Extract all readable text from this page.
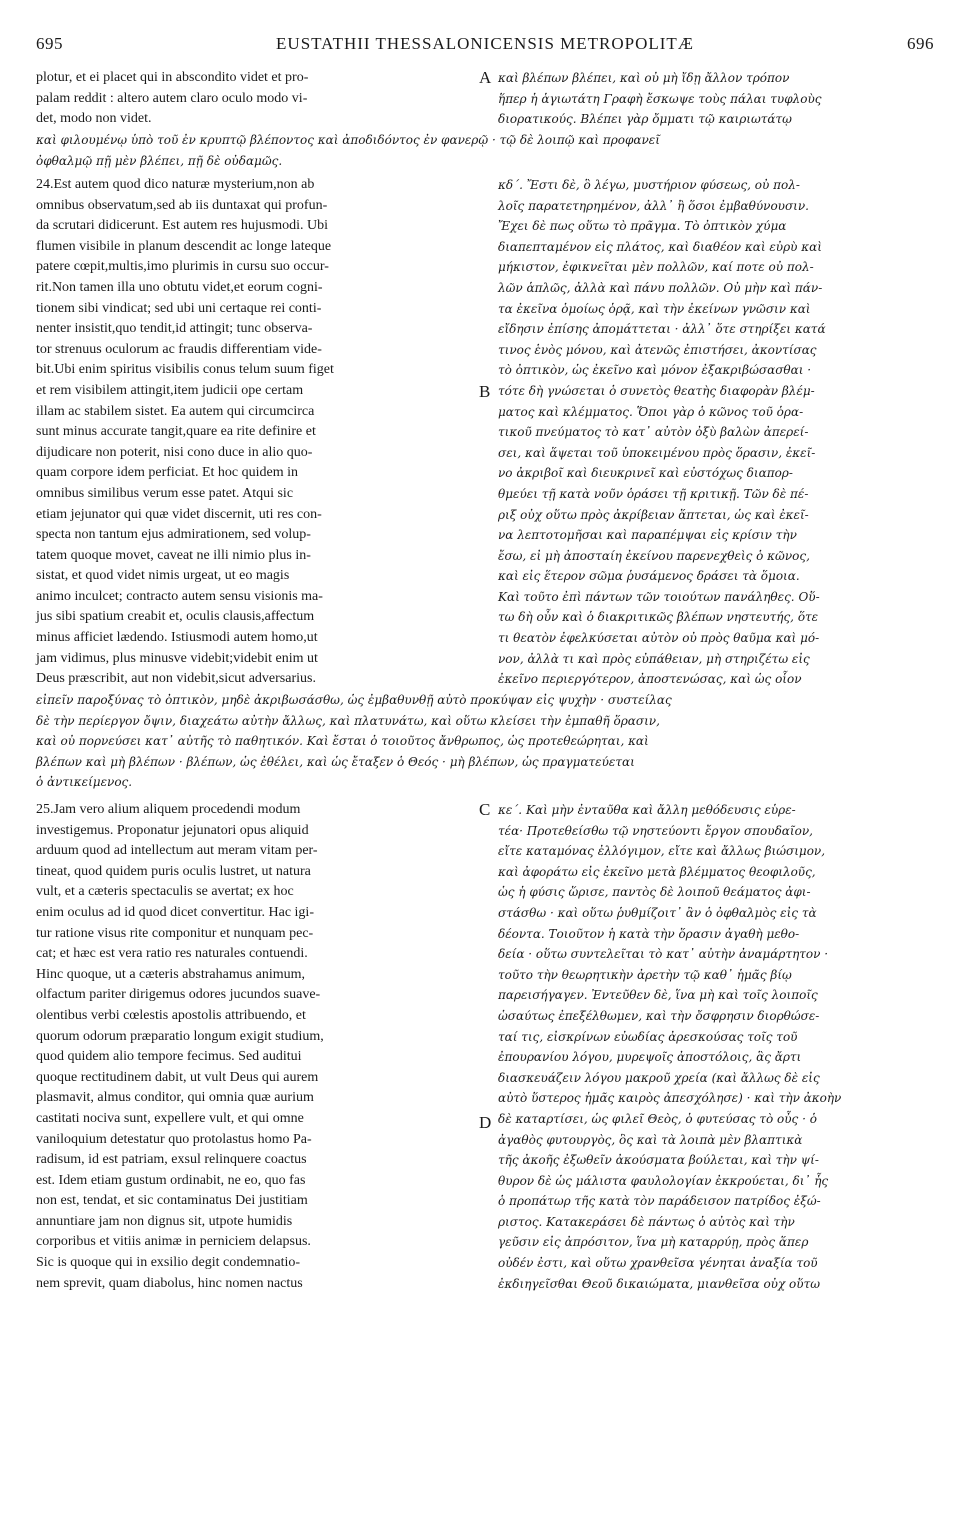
695	EUSTATHII THESSALONICENSIS METROPOLITÆ	696

plotur, et ei placet qui in abscondito videt et pro-

palam reddit : altero autem claro oculo modo vi-

det, modo non videt.

A καὶ βλέπων βλέπει, καὶ οὐ μὴ ἴδῃ ἄλλον τρόπον

ἥπερ ἡ ἁγιωτάτη Γραφὴ ἔσκωψε τοὺς πάλαι τυφλοὺς

διορατικούς. Βλέπει γὰρ ὄμματι τῷ καιριωτάτῳ

καὶ φιλουμένῳ ὑπὸ τοῦ ἐν κρυπτῷ βλέποντος καὶ ἀποδιδόντος ἐν φανερῷ · τῷ δὲ λοιπῷ καὶ προφανεῖ

ὀφθαλμῷ πῇ μὲν βλέπει, πῇ δὲ οὐδαμῶς.

24.Est autem quod dico naturæ mysterium,non ab

omnibus observatum,sed ab iis duntaxat qui profun-

da scrutari didicerunt. Est autem res hujusmodi. Ubi

flumen visibile in planum descendit ac longe lateque

patere cœpit,multis,imo plurimis in cursu suo occur-

rit.Non tamen illa uno obtutu videt,et eorum cogni-

tionem sibi vindicat; sed ubi uni certaque rei conti-

nenter insistit,quo tendit,id attingit; tunc observa-

tor strenuus oculorum ac fraudis differentiam vide-

bit.Ubi enim spiritus visibilis conus telum suum figet

et rem visibilem attingit,item judicii ope certam

illam ac stabilem sistet. Ea autem qui circumcirca

sunt minus accurate tangit,quare ea rite definire et

dijudicare non poterit, nisi cono duce in alio quo-

quam corpore idem perficiat. Et hoc quidem in

omnibus similibus verum esse patet. Atqui sic

etiam jejunator qui quæ videt discernit, uti res con-

specta non tantum ejus admirationem, sed volup-

tatem quoque movet, caveat ne illi nimio plus in-

sistat, et quod videt nimis urgeat, ut eo magis

animo inculcet; contracto autem sensu visionis ma-

jus sibi spatium creabit et, oculis clausis,affectum

minus afficiet lædendo. Istiusmodi autem homo,ut

jam vidimus, plus minusve videbit;videbit enim ut

Deus præscribit, aut non videbit,sicut adversarius.

B

κδ΄. Ἔστι δὲ, ὃ λέγω, μυστήριον φύσεως, οὐ πολ-

λοῖς παρατετηρημένον, ἀλλ᾽ ἢ ὅσοι ἐμβαθύνουσιν.

Ἔχει δὲ πως οὕτω τὸ πρᾶγμα. Τὸ ὀπτικὸν χύμα

διαπεπταμένον εἰς πλάτος, καὶ διαθέον καὶ εὐρὺ καὶ

μήκιστον, ἐφικνεῖται μὲν πολλῶν, καί ποτε οὐ πολ-

λῶν ἁπλῶς, ἀλλὰ καὶ πάνυ πολλῶν. Οὐ μὴν καὶ πάν-

τα ἐκεῖνα ὁμοίως ὁρᾷ, καὶ τὴν ἐκείνων γνῶσιν καὶ

εἴδησιν ἐπίσης ἀπομάττεται · ἀλλ᾽ ὅτε στηρίξει κατά

τινος ἑνὸς μόνου, καὶ ἀτενῶς ἐπιστήσει, ἀκοντίσας

τὸ ὀπτικὸν, ὡς ἐκεῖνο καὶ μόνον ἐξακριβώσασθαι ·

τότε δὴ γνώσεται ὁ συνετὸς θεατὴς διαφορὰν βλέμ-

ματος καὶ κλέμματος. Ὅποι γὰρ ὁ κῶνος τοῦ ὁρα-

τικοῦ πνεύματος τὸ κατ᾽ αὐτὸν ὀξὺ βαλὼν ἀπερεί-

σει, καὶ ἅψεται τοῦ ὑποκειμένου πρὸς ὅρασιν, ἐκεῖ-

νο ἀκριβοῖ καὶ διευκρινεῖ καὶ εὐστόχως διαπορ-

θμεύει τῇ κατὰ νοῦν ὁράσει τῇ κριτικῇ. Τῶν δὲ πέ-

ριξ οὐχ οὕτω πρὸς ἀκρίβειαν ἅπτεται, ὡς καὶ ἐκεῖ-

να λεπτοτομῆσαι καὶ παραπέμψαι εἰς κρίσιν τὴν

ἔσω, εἰ μὴ ἀποσταίη ἐκείνου παρενεχθεὶς ὁ κῶνος,

καὶ εἰς ἕτερον σῶμα ῥυσάμενος δράσει τὰ ὅμοια.

Καὶ τοῦτο ἐπὶ πάντων τῶν τοιούτων πανάληθες. Οὕ-

τω δὴ οὖν καὶ ὁ διακριτικῶς βλέπων νηστευτής, ὅτε

τι θεατὸν ἐφελκύσεται αὐτὸν οὐ πρὸς θαῦμα καὶ μό-

νον, ἀλλὰ τι καὶ πρὸς εὐπάθειαν, μὴ στηριζέτω εἰς

ἐκεῖνο περιεργότερον, ἀποστενώσας, καὶ ὡς οἷον

εἰπεῖν παροξύνας τὸ ὀπτικὸν, μηδὲ ἀκριβωσάσθω, ὡς ἐμβαθυνθῇ αὐτὸ προκύψαν εἰς ψυχὴν · συστείλας

δὲ τὴν περίεργον ὄψιν, διαχεάτω αὐτὴν ἄλλως, καὶ πλατυνάτω, καὶ οὕτω κλείσει τὴν ἐμπαθῆ ὅρασιν,

καὶ οὐ πορνεύσει κατ᾽ αὐτῆς τὸ παθητικόν. Καὶ ἔσται ὁ τοιοῦτος ἄνθρωπος, ὡς προτεθεώρηται, καὶ

βλέπων καὶ μὴ βλέπων · βλέπων, ὡς ἐθέλει, καὶ ὡς ἔταξεν ὁ Θεός · μὴ βλέπων, ὡς πραγματεύεται

ὁ ἀντικείμενος.

25.Jam vero alium aliquem procedendi modum

investigemus. Proponatur jejunatori opus aliquid

arduum quod ad intellectum aut meram vitam per-

tineat, quod quidem puris oculis lustret, ut natura

vult, et a cæteris spectaculis se avertat; ex hoc

enim oculus ad id quod dicet convertitur. Hac igi-

tur ratione visus rite componitur et nunquam pec-

cat; et hæc est vera ratio res naturales contuendi.

Hinc quoque, ut a cæteris abstrahamus animum,

olfactum pariter dirigemus odores jucundos suave-

olentibus verbi cœlestis apostolis attribuendo, et

quorum odorum præparatio longum exigit studium,

quod quidem alio tempore fecimus. Sed auditui

quoque rectitudinem dabit, ut vult Deus qui aurem

plasmavit, almus conditor, qui omnia quæ aurium

castitati nociva sunt, expellere vult, et qui omne

vaniloquium detestatur quo protolastus homo Pa-

radisum, id est patriam, exsul relinquere coactus

est. Idem etiam gustum ordinabit, ne eo, quo fas

non est, tendat, et sic contaminatus Dei justitiam

annuntiare jam non dignus sit, utpote humidis

corporibus et vitiis animæ in perniciem delapsus.

Sic is quoque qui in exsilio degit condemnatio-

nem sprevit, quam diabolus, hinc nomen nactus

C
D

κε΄. Καὶ μὴν ἐνταῦθα καὶ ἄλλη μεθόδευσις εὑρε-

τέα· Προτεθείσθω τῷ νηστεύοντι ἔργον σπουδαῖον,

εἴτε καταμόνας ἐλλόγιμον, εἴτε καὶ ἄλλως βιώσιμον,

καὶ ἀφοράτω εἰς ἐκεῖνο μετὰ βλέμματος θεοφιλοῦς,

ὡς ἡ φύσις ὥρισε, παντὸς δὲ λοιποῦ θεάματος ἀφι-

στάσθω · καὶ οὕτω ῥυθμίζοιτ᾽ ἂν ὁ ὀφθαλμὸς εἰς τὰ

δέοντα. Τοιοῦτον ἡ κατὰ τὴν ὅρασιν ἀγαθὴ μεθο-

δεία · οὕτω συντελεῖται τὸ κατ᾽ αὐτὴν ἀναμάρτητον ·

τοῦτο τὴν θεωρητικὴν ἀρετὴν τῷ καθ᾽ ἡμᾶς βίῳ

παρεισήγαγεν. Ἐντεῦθεν δὲ, ἵνα μὴ καὶ τοῖς λοιποῖς

ὡσαύτως ἐπεξέλθωμεν, καὶ τὴν ὄσφρησιν διορθώσε-

ταί τις, εἰσκρίνων εὐωδίας ἀρεσκούσας τοῖς τοῦ

ἐπουρανίου λόγου, μυρεψοῖς ἀποστόλοις, ἃς ἄρτι

διασκευάζειν λόγου μακροῦ χρεία (καὶ ἄλλως δὲ εἰς

αὐτὸ ὕστερος ἡμᾶς καιρὸς ἀπεσχόλησε) · καὶ τὴν ἀκοὴν

δὲ καταρτίσει, ὡς φιλεῖ Θεὸς, ὁ φυτεύσας τὸ οὖς · ὁ

ἀγαθὸς φυτουργὸς, ὃς καὶ τὰ λοιπὰ μὲν βλαπτικὰ

τῆς ἀκοῆς ἐξωθεῖν ἀκούσματα βούλεται, καὶ τὴν ψί-

θυρον δὲ ὡς μάλιστα φαυλολογίαν ἐκκρούεται, δι᾽ ἧς

ὁ προπάτωρ τῆς κατὰ τὸν παράδεισον πατρίδος ἐξώ-

ριστος. Κατακεράσει δὲ πάντως ὁ αὐτὸς καὶ τὴν

γεῦσιν εἰς ἀπρόσιτον, ἵνα μὴ καταρρύῃ, πρὸς ἅπερ

οὐδέν ἐστι, καὶ οὕτω χρανθεῖσα γένηται ἀναξία τοῦ

ἐκδιηγεῖσθαι Θεοῦ δικαιώματα, μιανθεῖσα οὐχ οὕτω
